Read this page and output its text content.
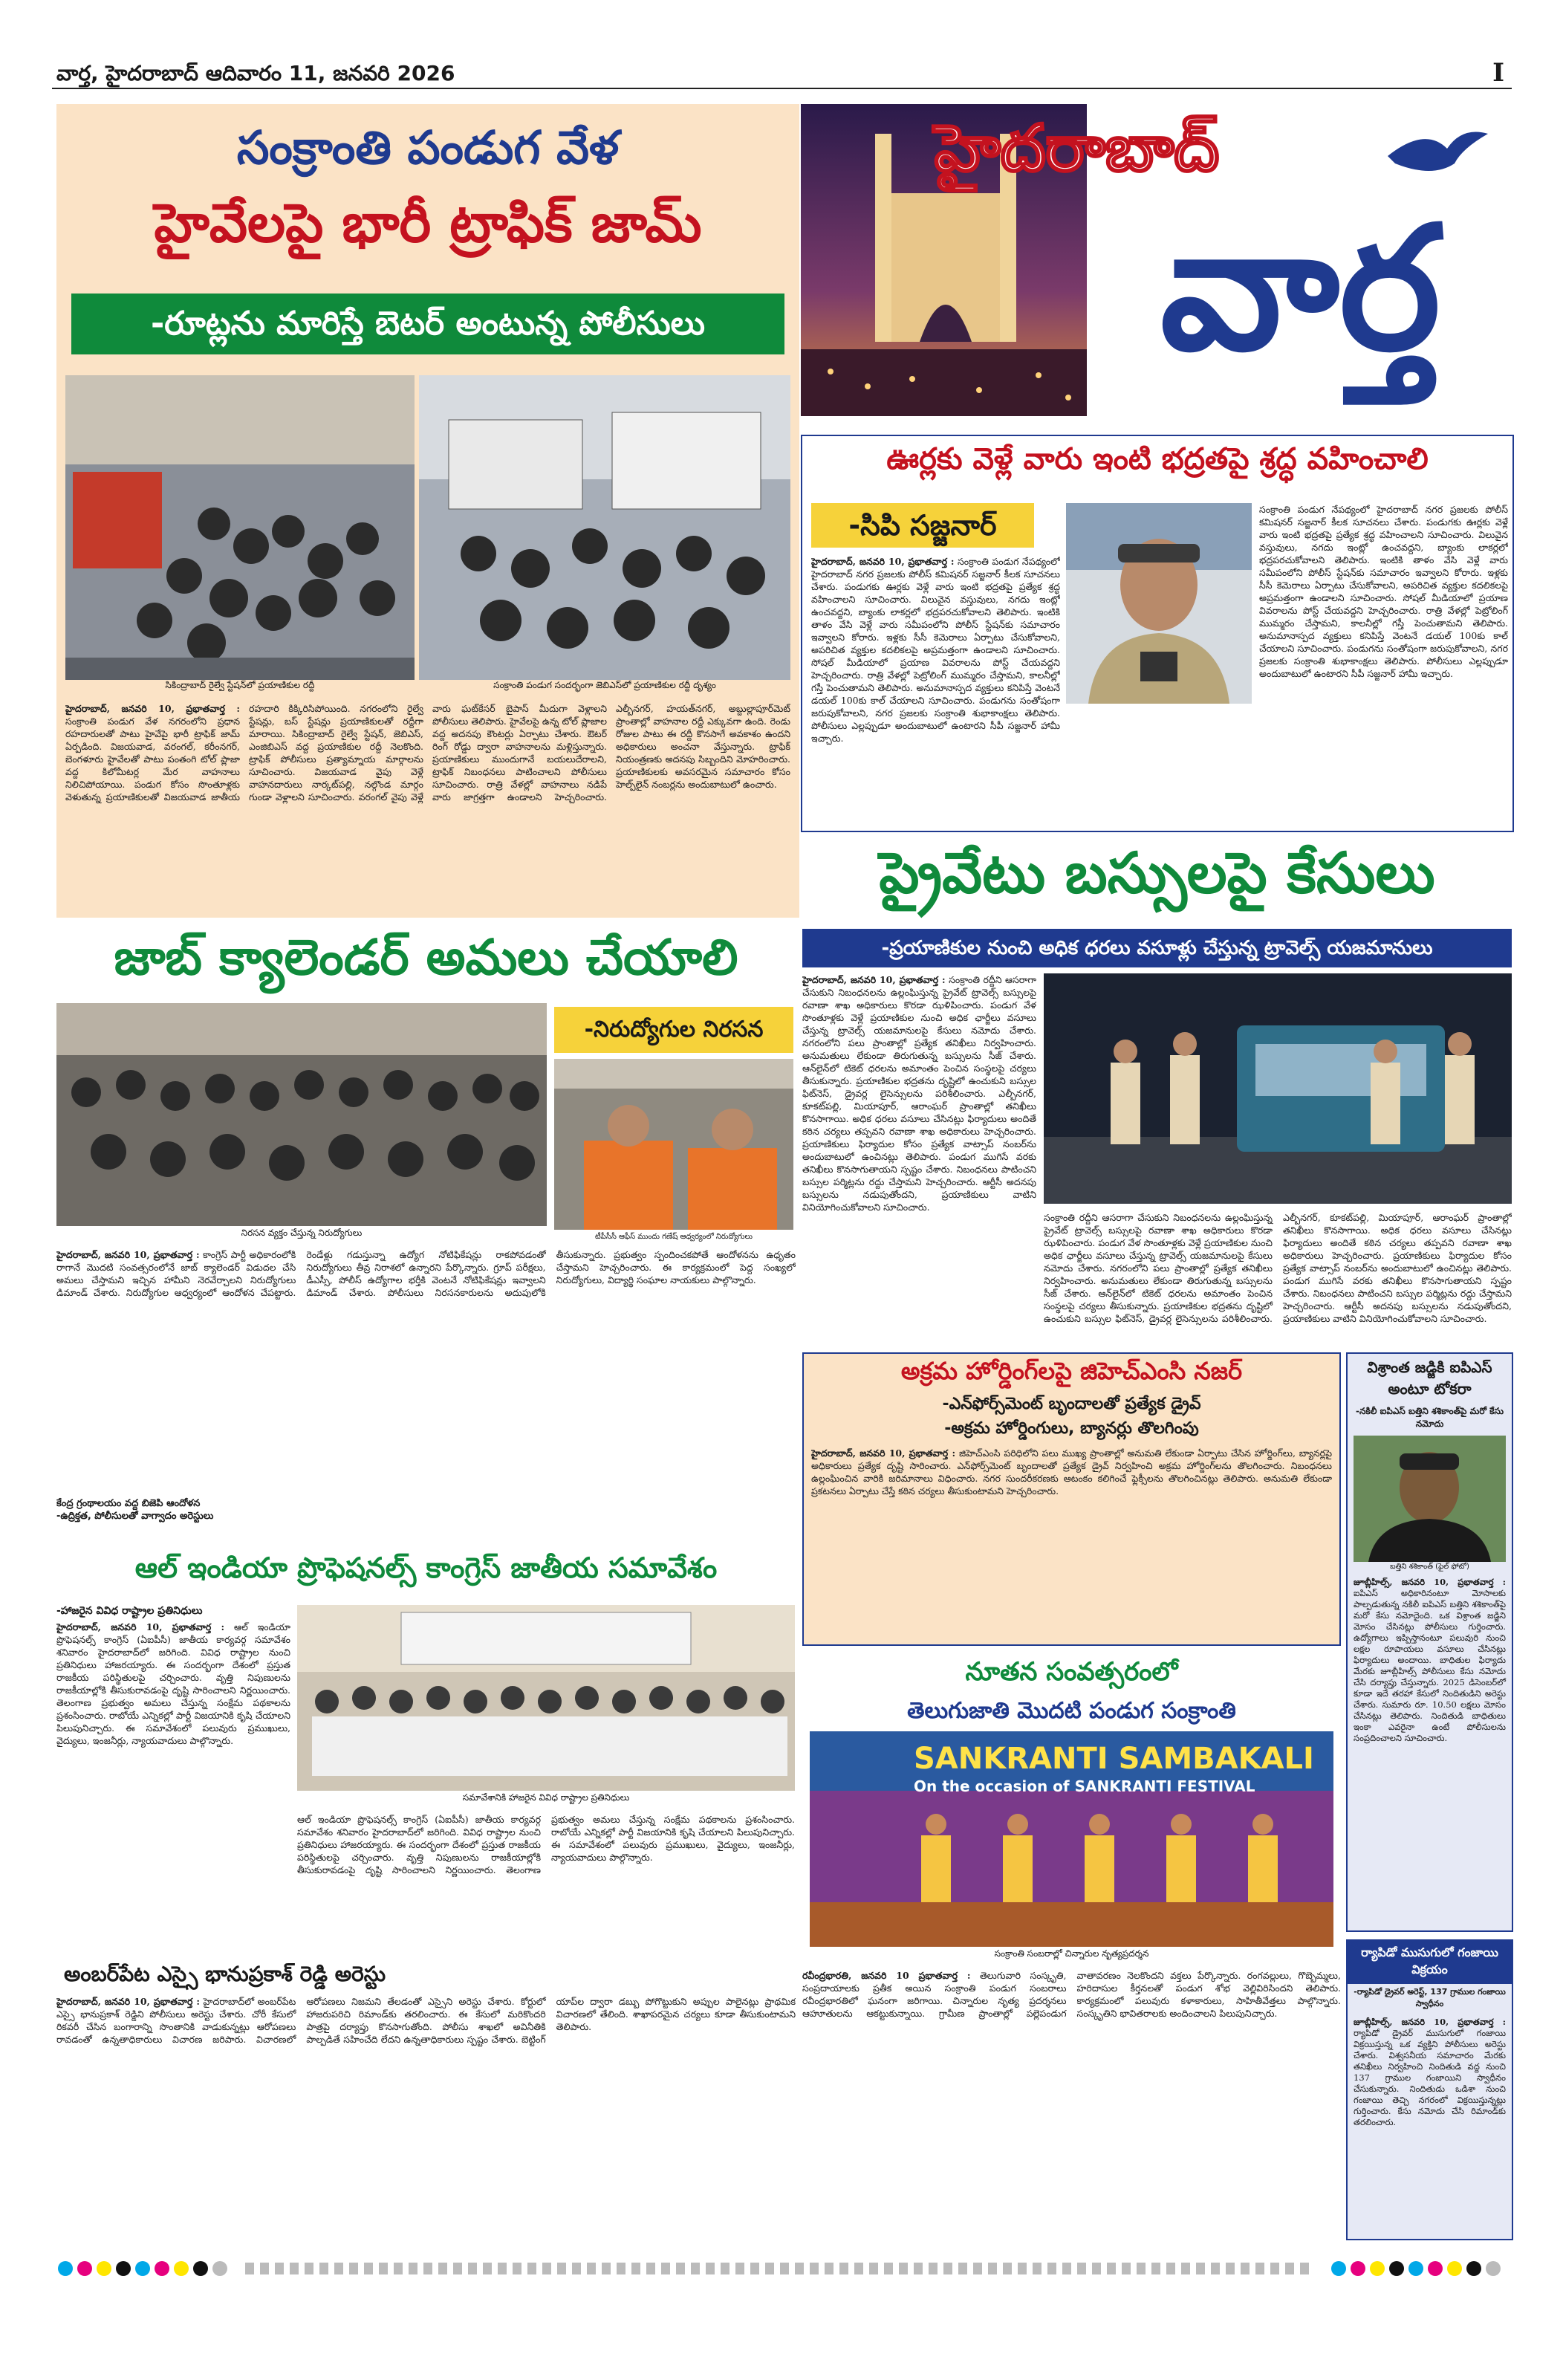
వార్త, హైదరాబాద్ ఆదివారం 11, జనవరి 2026	I
సంక్రాంతి పండుగ వేళ
హైవేలపై భారీ ట్రాఫిక్ జామ్
-రూట్లను మారిస్తే బెటర్ అంటున్న పోలీసులు
సికింద్రాబాద్ రైల్వే స్టేషన్‌లో ప్రయాణికుల రద్దీ	సంక్రాంతి పండుగ సందర్భంగా జెబిఎస్‌లో ప్రయాణికుల రద్దీ దృశ్యం
హైదరాబాద్, జనవరి 10, ప్రభాతవార్త : సంక్రాంతి పండుగ వేళ నగరంలోని ప్రధాన రహదారులతో పాటు హైవేపై భారీ ట్రాఫిక్ జామ్ ఏర్పడింది. విజయవాడ, వరంగల్, కరీంనగర్, బెంగళూరు హైవేలతో పాటు పంతంగి టోల్ ప్లాజా వద్ద కిలోమీటర్ల మేర వాహనాలు నిలిచిపోయాయి. పండుగ కోసం సొంతూళ్లకు వెళుతున్న ప్రయాణికులతో విజయవాడ జాతీయ రహదారి కిక్కిరిసిపోయింది. నగరంలోని రైల్వే స్టేషన్లు, బస్ స్టేషన్లు ప్రయాణికులతో రద్దీగా మారాయి. సికింద్రాబాద్ రైల్వే స్టేషన్, జెబిఎస్, ఎంజిబిఎస్ వద్ద ప్రయాణికుల రద్దీ నెలకొంది. ట్రాఫిక్ పోలీసులు ప్రత్యామ్నాయ మార్గాలను సూచించారు. విజయవాడ వైపు వెళ్లే వాహనదారులు నార్కట్‌పల్లి, నల్గొండ మార్గం గుండా వెళ్లాలని సూచించారు. వరంగల్ వైపు వెళ్లే వారు ఘట్‌కేసర్ బైపాస్ మీదుగా వెళ్లాలని పోలీసులు తెలిపారు. హైవేలపై ఉన్న టోల్ ప్లాజాల వద్ద అదనపు కౌంటర్లు ఏర్పాటు చేశారు. ఔటర్ రింగ్ రోడ్డు ద్వారా వాహనాలను మళ్లిస్తున్నారు. ప్రయాణికులు ముందుగానే బయలుదేరాలని, ట్రాఫిక్ నిబంధనలు పాటించాలని పోలీసులు సూచించారు. రాత్రి వేళల్లో వాహనాలు నడిపే వారు జాగ్రత్తగా ఉండాలని హెచ్చరించారు. ఎల్బీనగర్, హయత్‌నగర్, అబ్దుల్లాపూర్‌మెట్ ప్రాంతాల్లో వాహనాల రద్దీ ఎక్కువగా ఉంది. రెండు రోజుల పాటు ఈ రద్దీ కొనసాగే అవకాశం ఉందని అధికారులు అంచనా వేస్తున్నారు. ట్రాఫిక్ నియంత్రణకు అదనపు సిబ్బందిని మోహరించారు. ప్రయాణికులకు అవసరమైన సమాచారం కోసం హెల్ప్‌లైన్ నంబర్లను అందుబాటులో ఉంచారు.
హైదరాబాద్
వార్త
ఊర్లకు వెళ్లే వారు ఇంటి భద్రతపై శ్రద్ధ వహించాలి
-సిపి సజ్జనార్
హైదరాబాద్, జనవరి 10, ప్రభాతవార్త : సంక్రాంతి పండుగ నేపథ్యంలో హైదరాబాద్ నగర ప్రజలకు పోలీస్ కమిషనర్ సజ్జనార్ కీలక సూచనలు చేశారు. పండుగకు ఊర్లకు వెళ్లే వారు ఇంటి భద్రతపై ప్రత్యేక శ్రద్ధ వహించాలని సూచించారు. విలువైన వస్తువులు, నగదు ఇంట్లో ఉంచవద్దని, బ్యాంకు లాకర్లలో భద్రపరచుకోవాలని తెలిపారు. ఇంటికి తాళం వేసి వెళ్లే వారు సమీపంలోని పోలీస్ స్టేషన్‌కు సమాచారం ఇవ్వాలని కోరారు. ఇళ్లకు సీసీ కెమెరాలు ఏర్పాటు చేసుకోవాలని, అపరిచిత వ్యక్తుల కదలికలపై అప్రమత్తంగా ఉండాలని సూచించారు. సోషల్ మీడియాలో ప్రయాణ వివరాలను పోస్ట్ చేయవద్దని హెచ్చరించారు. రాత్రి వేళల్లో పెట్రోలింగ్ ముమ్మరం చేస్తామని, కాలనీల్లో గస్తీ పెంచుతామని తెలిపారు. అనుమానాస్పద వ్యక్తులు కనిపిస్తే వెంటనే డయల్ 100కు కాల్ చేయాలని సూచించారు. పండుగను సంతోషంగా జరుపుకోవాలని, నగర ప్రజలకు సంక్రాంతి శుభాకాంక్షలు తెలిపారు. పోలీసులు ఎల్లప్పుడూ అందుబాటులో ఉంటారని సీపీ సజ్జనార్ హామీ ఇచ్చారు.
సంక్రాంతి పండుగ నేపథ్యంలో హైదరాబాద్ నగర ప్రజలకు పోలీస్ కమిషనర్ సజ్జనార్ కీలక సూచనలు చేశారు. పండుగకు ఊర్లకు వెళ్లే వారు ఇంటి భద్రతపై ప్రత్యేక శ్రద్ధ వహించాలని సూచించారు. విలువైన వస్తువులు, నగదు ఇంట్లో ఉంచవద్దని, బ్యాంకు లాకర్లలో భద్రపరచుకోవాలని తెలిపారు. ఇంటికి తాళం వేసి వెళ్లే వారు సమీపంలోని పోలీస్ స్టేషన్‌కు సమాచారం ఇవ్వాలని కోరారు. ఇళ్లకు సీసీ కెమెరాలు ఏర్పాటు చేసుకోవాలని, అపరిచిత వ్యక్తుల కదలికలపై అప్రమత్తంగా ఉండాలని సూచించారు. సోషల్ మీడియాలో ప్రయాణ వివరాలను పోస్ట్ చేయవద్దని హెచ్చరించారు. రాత్రి వేళల్లో పెట్రోలింగ్ ముమ్మరం చేస్తామని, కాలనీల్లో గస్తీ పెంచుతామని తెలిపారు. అనుమానాస్పద వ్యక్తులు కనిపిస్తే వెంటనే డయల్ 100కు కాల్ చేయాలని సూచించారు. పండుగను సంతోషంగా జరుపుకోవాలని, నగర ప్రజలకు సంక్రాంతి శుభాకాంక్షలు తెలిపారు. పోలీసులు ఎల్లప్పుడూ అందుబాటులో ఉంటారని సీపీ సజ్జనార్ హామీ ఇచ్చారు.
ప్రైవేటు బస్సులపై కేసులు
-ప్రయాణికుల నుంచి అధిక ధరలు వసూళ్లు చేస్తున్న ట్రావెల్స్ యజమానులు
హైదరాబాద్, జనవరి 10, ప్రభాతవార్త : సంక్రాంతి రద్దీని ఆసరాగా చేసుకుని నిబంధనలను ఉల్లంఘిస్తున్న ప్రైవేట్ ట్రావెల్స్ బస్సులపై రవాణా శాఖ అధికారులు కొరడా ఝళిపించారు. పండుగ వేళ సొంతూళ్లకు వెళ్లే ప్రయాణికుల నుంచి అధిక ఛార్జీలు వసూలు చేస్తున్న ట్రావెల్స్ యజమానులపై కేసులు నమోదు చేశారు. నగరంలోని పలు ప్రాంతాల్లో ప్రత్యేక తనిఖీలు నిర్వహించారు. అనుమతులు లేకుండా తిరుగుతున్న బస్సులను సీజ్ చేశారు. ఆన్‌లైన్‌లో టికెట్ ధరలను అమాంతం పెంచిన సంస్థలపై చర్యలు తీసుకున్నారు. ప్రయాణికుల భద్రతను దృష్టిలో ఉంచుకుని బస్సుల ఫిట్‌నెస్, డ్రైవర్ల లైసెన్సులను పరిశీలించారు. ఎల్బీనగర్, కూకట్‌పల్లి, మియాపూర్, ఆరాంఘర్ ప్రాంతాల్లో తనిఖీలు కొనసాగాయి. అధిక ధరలు వసూలు చేసినట్లు ఫిర్యాదులు అందితే కఠిన చర్యలు తప్పవని రవాణా శాఖ అధికారులు హెచ్చరించారు. ప్రయాణికులు ఫిర్యాదుల కోసం ప్రత్యేక వాట్సాప్ నంబర్‌ను అందుబాటులో ఉంచినట్లు తెలిపారు. పండుగ ముగిసే వరకు తనిఖీలు కొనసాగుతాయని స్పష్టం చేశారు. నిబంధనలు పాటించని బస్సుల పర్మిట్లను రద్దు చేస్తామని హెచ్చరించారు. ఆర్టీసీ అదనపు బస్సులను నడుపుతోందని, ప్రయాణికులు వాటిని వినియోగించుకోవాలని సూచించారు.
సంక్రాంతి రద్దీని ఆసరాగా చేసుకుని నిబంధనలను ఉల్లంఘిస్తున్న ప్రైవేట్ ట్రావెల్స్ బస్సులపై రవాణా శాఖ అధికారులు కొరడా ఝళిపించారు. పండుగ వేళ సొంతూళ్లకు వెళ్లే ప్రయాణికుల నుంచి అధిక ఛార్జీలు వసూలు చేస్తున్న ట్రావెల్స్ యజమానులపై కేసులు నమోదు చేశారు. నగరంలోని పలు ప్రాంతాల్లో ప్రత్యేక తనిఖీలు నిర్వహించారు. అనుమతులు లేకుండా తిరుగుతున్న బస్సులను సీజ్ చేశారు. ఆన్‌లైన్‌లో టికెట్ ధరలను అమాంతం పెంచిన సంస్థలపై చర్యలు తీసుకున్నారు. ప్రయాణికుల భద్రతను దృష్టిలో ఉంచుకుని బస్సుల ఫిట్‌నెస్, డ్రైవర్ల లైసెన్సులను పరిశీలించారు. ఎల్బీనగర్, కూకట్‌పల్లి, మియాపూర్, ఆరాంఘర్ ప్రాంతాల్లో తనిఖీలు కొనసాగాయి. అధిక ధరలు వసూలు చేసినట్లు ఫిర్యాదులు అందితే కఠిన చర్యలు తప్పవని రవాణా శాఖ అధికారులు హెచ్చరించారు. ప్రయాణికులు ఫిర్యాదుల కోసం ప్రత్యేక వాట్సాప్ నంబర్‌ను అందుబాటులో ఉంచినట్లు తెలిపారు. పండుగ ముగిసే వరకు తనిఖీలు కొనసాగుతాయని స్పష్టం చేశారు. నిబంధనలు పాటించని బస్సుల పర్మిట్లను రద్దు చేస్తామని హెచ్చరించారు. ఆర్టీసీ అదనపు బస్సులను నడుపుతోందని, ప్రయాణికులు వాటిని వినియోగించుకోవాలని సూచించారు.
జాబ్ క్యాలెండర్ అమలు చేయాలి
-నిరుద్యోగుల నిరసన
నిరసన వ్యక్తం చేస్తున్న నిరుద్యోగులు	టీపీసీసీ ఆఫీస్ ముందు గణేష్ ఆధ్వర్యంలో నిరుద్యోగులు
హైదరాబాద్, జనవరి 10, ప్రభాతవార్త : కాంగ్రెస్ పార్టీ అధికారంలోకి రాగానే మొదటి సంవత్సరంలోనే జాబ్ క్యాలెండర్ విడుదల చేసి అమలు చేస్తామని ఇచ్చిన హామీని నెరవేర్చాలని నిరుద్యోగులు డిమాండ్ చేశారు. నిరుద్యోగుల ఆధ్వర్యంలో ఆందోళన చేపట్టారు. రెండేళ్లు గడుస్తున్నా ఉద్యోగ నోటిఫికేషన్లు రాకపోవడంతో నిరుద్యోగులు తీవ్ర నిరాశలో ఉన్నారని పేర్కొన్నారు. గ్రూప్ పరీక్షలు, డీఎస్సీ, పోలీస్ ఉద్యోగాల భర్తీకి వెంటనే నోటిఫికేషన్లు ఇవ్వాలని డిమాండ్ చేశారు. పోలీసులు నిరసనకారులను అదుపులోకి తీసుకున్నారు. ప్రభుత్వం స్పందించకపోతే ఆందోళనను ఉధృతం చేస్తామని హెచ్చరించారు. ఈ కార్యక్రమంలో పెద్ద సంఖ్యలో నిరుద్యోగులు, విద్యార్థి సంఘాల నాయకులు పాల్గొన్నారు.
కేంద్ర గ్రంథాలయం వద్ద బిజెపి ఆందోళన
-ఉద్రిక్తత, పోలీసులతో వాగ్వాదం అరెస్టులు
ఆల్ ఇండియా ప్రొఫెషనల్స్ కాంగ్రెస్ జాతీయ సమావేశం
-హాజరైన వివిధ రాష్ట్రాల ప్రతినిధులు
హైదరాబాద్, జనవరి 10, ప్రభాతవార్త : ఆల్ ఇండియా ప్రొఫెషనల్స్ కాంగ్రెస్ (ఏఐపీసీ) జాతీయ కార్యవర్గ సమావేశం శనివారం హైదరాబాద్‌లో జరిగింది. వివిధ రాష్ట్రాల నుంచి ప్రతినిధులు హాజరయ్యారు. ఈ సందర్భంగా దేశంలో ప్రస్తుత రాజకీయ పరిస్థితులపై చర్చించారు. వృత్తి నిపుణులను రాజకీయాల్లోకి తీసుకురావడంపై దృష్టి సారించాలని నిర్ణయించారు. తెలంగాణ ప్రభుత్వం అమలు చేస్తున్న సంక్షేమ పథకాలను ప్రశంసించారు. రాబోయే ఎన్నికల్లో పార్టీ విజయానికి కృషి చేయాలని పిలుపునిచ్చారు. ఈ సమావేశంలో పలువురు ప్రముఖులు, వైద్యులు, ఇంజనీర్లు, న్యాయవాదులు పాల్గొన్నారు.
సమావేశానికి హాజరైన వివిధ రాష్ట్రాల ప్రతినిధులు
ఆల్ ఇండియా ప్రొఫెషనల్స్ కాంగ్రెస్ (ఏఐపీసీ) జాతీయ కార్యవర్గ సమావేశం శనివారం హైదరాబాద్‌లో జరిగింది. వివిధ రాష్ట్రాల నుంచి ప్రతినిధులు హాజరయ్యారు. ఈ సందర్భంగా దేశంలో ప్రస్తుత రాజకీయ పరిస్థితులపై చర్చించారు. వృత్తి నిపుణులను రాజకీయాల్లోకి తీసుకురావడంపై దృష్టి సారించాలని నిర్ణయించారు. తెలంగాణ ప్రభుత్వం అమలు చేస్తున్న సంక్షేమ పథకాలను ప్రశంసించారు. రాబోయే ఎన్నికల్లో పార్టీ విజయానికి కృషి చేయాలని పిలుపునిచ్చారు. ఈ సమావేశంలో పలువురు ప్రముఖులు, వైద్యులు, ఇంజనీర్లు, న్యాయవాదులు పాల్గొన్నారు.
అంబర్‌పేట ఎస్సై భానుప్రకాశ్ రెడ్డి అరెస్టు
హైదరాబాద్, జనవరి 10, ప్రభాతవార్త : హైదరాబాద్‌లో అంబర్‌పేట ఎస్సై భానుప్రకాశ్ రెడ్డిని పోలీసులు అరెస్టు చేశారు. చోరీ కేసులో రికవరీ చేసిన బంగారాన్ని సొంతానికి వాడుకున్నట్లు ఆరోపణలు రావడంతో ఉన్నతాధికారులు విచారణ జరిపారు. విచారణలో ఆరోపణలు నిజమని తేలడంతో ఎస్సైని అరెస్టు చేశారు. కోర్టులో హాజరుపరిచి రిమాండ్‌కు తరలించారు. ఈ కేసులో మరికొందరి పాత్రపై దర్యాప్తు కొనసాగుతోంది. పోలీసు శాఖలో అవినీతికి పాల్పడితే సహించేది లేదని ఉన్నతాధికారులు స్పష్టం చేశారు. బెట్టింగ్ యాప్‌ల ద్వారా డబ్బు పోగొట్టుకుని అప్పుల పాలైనట్లు ప్రాథమిక విచారణలో తేలింది. శాఖాపరమైన చర్యలు కూడా తీసుకుంటామని తెలిపారు.
అక్రమ హోర్డింగ్‌లపై జిహెచ్ఎంసి నజర్
-ఎన్‌ఫోర్స్‌మెంట్ బృందాలతో ప్రత్యేక డ్రైవ్
-అక్రమ హోర్డింగులు, బ్యానర్లు తొలగింపు
హైదరాబాద్, జనవరి 10, ప్రభాతవార్త : జిహెచ్ఎంసి పరిధిలోని పలు ముఖ్య ప్రాంతాల్లో అనుమతి లేకుండా ఏర్పాటు చేసిన హోర్డింగ్‌లు, బ్యానర్లపై అధికారులు ప్రత్యేక దృష్టి సారించారు. ఎన్‌ఫోర్స్‌మెంట్ బృందాలతో ప్రత్యేక డ్రైవ్ నిర్వహించి అక్రమ హోర్డింగ్‌లను తొలగించారు. నిబంధనలు ఉల్లంఘించిన వారికి జరిమానాలు విధించారు. నగర సుందరీకరణకు ఆటంకం కలిగించే ఫ్లెక్సీలను తొలగించినట్లు తెలిపారు. అనుమతి లేకుండా ప్రకటనలు ఏర్పాటు చేస్తే కఠిన చర్యలు తీసుకుంటామని హెచ్చరించారు.
నూతన సంవత్సరంలో
తెలుగుజాతి మొదటి పండుగ సంక్రాంతి
SANKRANTI SAMBAKALI
On the occasion of SANKRANTI FESTIVAL
సంక్రాంతి సంబరాల్లో చిన్నారుల నృత్యప్రదర్శన
రవీంద్రభారతి, జనవరి 10 ప్రభాతవార్త : తెలుగువారి సంస్కృతి, సంప్రదాయాలకు ప్రతీక అయిన సంక్రాంతి పండుగ సంబరాలు రవీంద్రభారతిలో ఘనంగా జరిగాయి. చిన్నారుల నృత్య ప్రదర్శనలు ఆహూతులను ఆకట్టుకున్నాయి. గ్రామీణ ప్రాంతాల్లో పల్లెపండుగ వాతావరణం నెలకొందని వక్తలు పేర్కొన్నారు. రంగవల్లులు, గొబ్బెమ్మలు, హరిదాసుల కీర్తనలతో పండుగ శోభ వెల్లివిరిసిందని తెలిపారు. కార్యక్రమంలో పలువురు కళాకారులు, సాహితీవేత్తలు పాల్గొన్నారు. సంస్కృతిని భావితరాలకు అందించాలని పిలుపునిచ్చారు.
విశ్రాంత జడ్జికి ఐపిఎస్ అంటూ టోకరా
-నకిలీ ఐపిఎస్ బత్తిని శశికాంత్‌పై మరో కేసు నమోదు
బత్తిని శశికాంత్ (ఫైల్ ఫోటో)
జూబ్లీహిల్స్, జనవరి 10, ప్రభాతవార్త : ఐపిఎస్ అధికారినంటూ మోసాలకు పాల్పడుతున్న నకిలీ ఐపిఎస్ బత్తిని శశికాంత్‌పై మరో కేసు నమోదైంది. ఒక విశ్రాంత జడ్జిని మోసం చేసినట్లు పోలీసులు గుర్తించారు. ఉద్యోగాలు ఇప్పిస్తానంటూ పలువురి నుంచి లక్షల రూపాయలు వసూలు చేసినట్లు ఫిర్యాదులు అందాయి. బాధితుల ఫిర్యాదు మేరకు జూబ్లీహిల్స్ పోలీసులు కేసు నమోదు చేసి దర్యాప్తు చేస్తున్నారు. 2025 డిసెంబర్‌లో కూడా ఇదే తరహా కేసులో నిందితుడిని అరెస్టు చేశారు. సుమారు రూ. 10.50 లక్షలు మోసం చేసినట్లు తెలిపారు. నిందితుడి బాధితులు ఇంకా ఎవరైనా ఉంటే పోలీసులను సంప్రదించాలని సూచించారు.
ర్యాపిడో ముసుగులో గంజాయి విక్రయం
-ర్యాపిడో డ్రైవర్ అరెస్ట్, 137 గ్రాముల గంజాయి స్వాధీనం
జూబ్లీహిల్స్, జనవరి 10, ప్రభాతవార్త : ర్యాపిడో డ్రైవర్ ముసుగులో గంజాయి విక్రయిస్తున్న ఒక వ్యక్తిని పోలీసులు అరెస్టు చేశారు. విశ్వసనీయ సమాచారం మేరకు తనిఖీలు నిర్వహించి నిందితుడి వద్ద నుంచి 137 గ్రాముల గంజాయిని స్వాధీనం చేసుకున్నారు. నిందితుడు ఒడిశా నుంచి గంజాయి తెచ్చి నగరంలో విక్రయిస్తున్నట్లు గుర్తించారు. కేసు నమోదు చేసి రిమాండ్‌కు తరలించారు.
